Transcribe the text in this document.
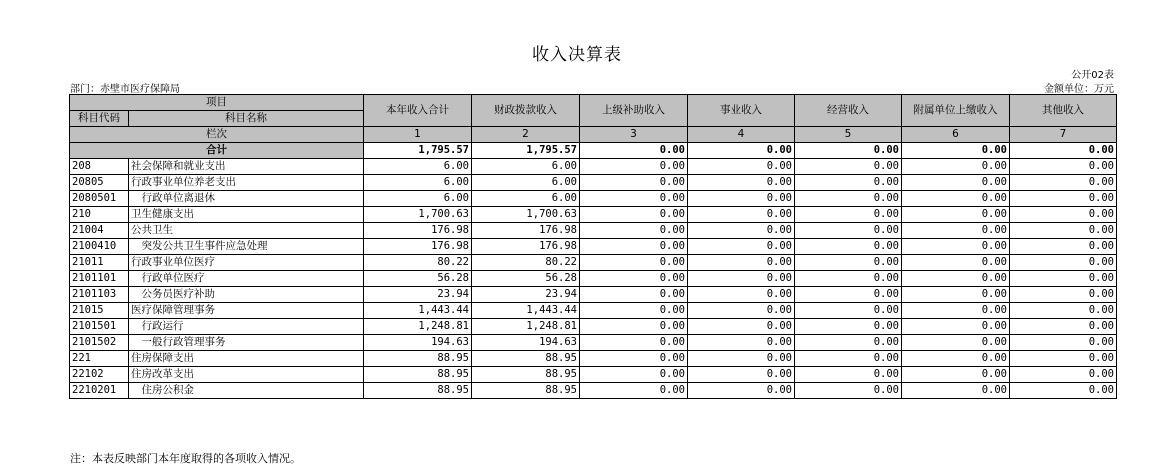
收入决算表
公开02表
部门：赤壁市医疗保障局	金额单位：万元
项目		本年收入合计	财政拨款收入	上级补助收入	事业收入	经营收入	附属单位上缴收入	其他收入
科目代码	科目名称							
栏次		1	2	3	4	5	6	7
合计		1,795.57	1,795.57	0.00	0.00	0.00	0.00	0.00
208	社会保障和就业支出	6.00	6.00	0.00	0.00	0.00	0.00	0.00
20805	行政事业单位养老支出	6.00	6.00	0.00	0.00	0.00	0.00	0.00
2080501	　行政单位离退休	6.00	6.00	0.00	0.00	0.00	0.00	0.00
210	卫生健康支出	1,700.63	1,700.63	0.00	0.00	0.00	0.00	0.00
21004	公共卫生	176.98	176.98	0.00	0.00	0.00	0.00	0.00
2100410	　突发公共卫生事件应急处理	176.98	176.98	0.00	0.00	0.00	0.00	0.00
21011	行政事业单位医疗	80.22	80.22	0.00	0.00	0.00	0.00	0.00
2101101	　行政单位医疗	56.28	56.28	0.00	0.00	0.00	0.00	0.00
2101103	　公务员医疗补助	23.94	23.94	0.00	0.00	0.00	0.00	0.00
21015	医疗保障管理事务	1,443.44	1,443.44	0.00	0.00	0.00	0.00	0.00
2101501	　行政运行	1,248.81	1,248.81	0.00	0.00	0.00	0.00	0.00
2101502	　一般行政管理事务	194.63	194.63	0.00	0.00	0.00	0.00	0.00
221	住房保障支出	88.95	88.95	0.00	0.00	0.00	0.00	0.00
22102	住房改革支出	88.95	88.95	0.00	0.00	0.00	0.00	0.00
2210201	　住房公积金	88.95	88.95	0.00	0.00	0.00	0.00	0.00
注：本表反映部门本年度取得的各项收入情况。
